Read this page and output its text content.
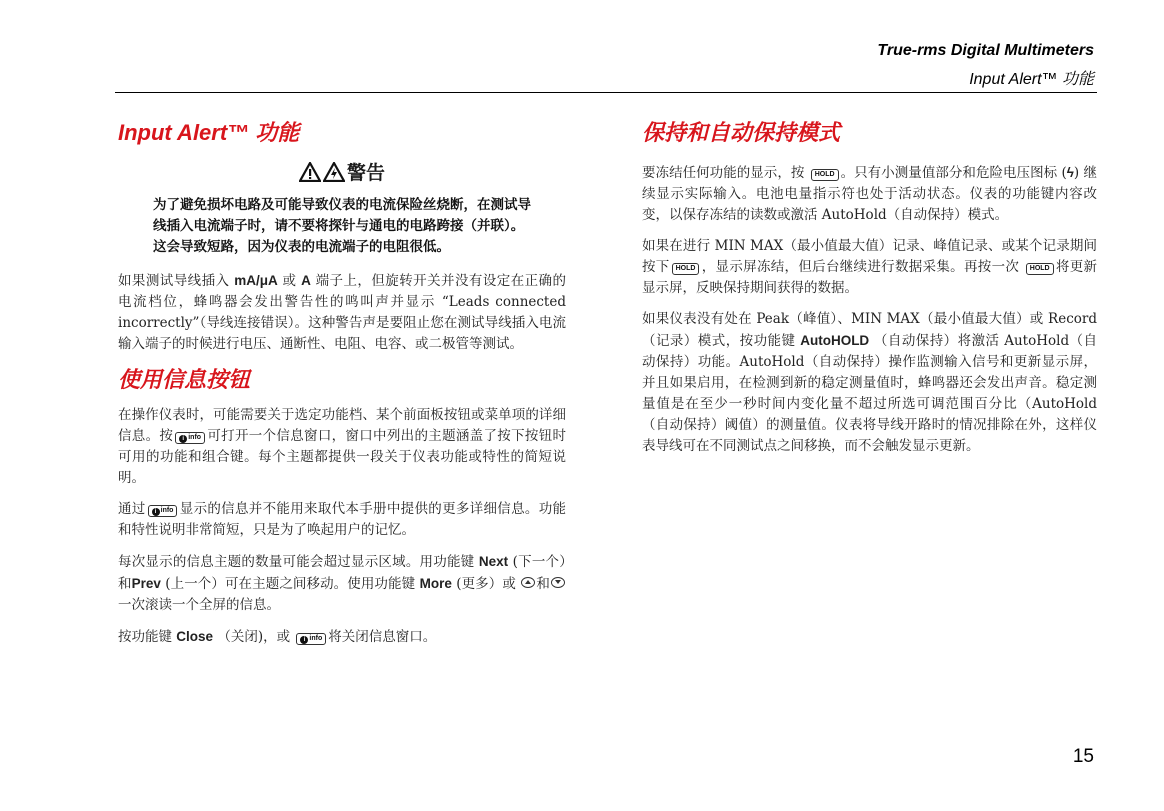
True-rms Digital Multimeters
Input Alert™ 功能
Input Alert™ 功能
警告
为了避免损坏电路及可能导致仪表的电流保险丝烧断，在测试导线插入电流端子时，请不要将探针与通电的电路跨接（并联）。这会导致短路，因为仪表的电流端子的电阻很低。

如果测试导线插入 mA/μA 或 A 端子上，但旋转开关并没有设定在正确的电流档位，蜂鸣器会发出警告性的鸣叫声并显示 “Leads connected incorrectly”（导线连接错误）。这种警告声是要阻止您在测试导线插入电流输入端子的时候进行电压、通断性、电阻、电容、或二极管等测试。

使用信息按钮

在操作仪表时，可能需要关于选定功能档、某个前面板按钮或菜单项的详细信息。按 i info 可打开一个信息窗口，窗口中列出的主题涵盖了按下按钮时可用的功能和组合键。每个主题都提供一段关于仪表功能或特性的简短说明。

通过 i info 显示的信息并不能用来取代本手册中提供的更多详细信息。功能和特性说明非常简短，只是为了唤起用户的记忆。

每次显示的信息主题的数量可能会超过显示区域。用功能键 Next (下一个）和Prev (上一个）可在主题之间移动。使用功能键 More (更多）或 和一次滚读一个全屏的信息。

按功能键 Close （关闭)，或 i info 将关闭信息窗口。

保持和自动保持模式

要冻结任何功能的显示，按 HOLD 。只有小测量值部分和危险电压图标 (ϟ) 继续显示实际输入。电池电量指示符也处于活动状态。仪表的功能键内容改变，以保存冻结的读数或激活 AutoHold（自动保持）模式。

如果在进行 MIN MAX（最小值最大值）记录、峰值记录、或某个记录期间按下 HOLD ，显示屏冻结，但后台继续进行数据采集。再按一次 HOLD 将更新显示屏，反映保持期间获得的数据。

如果仪表没有处在 Peak（峰值）、MIN MAX（最小值最大值）或 Record（记录）模式，按功能键 AutoHOLD （自动保持）将激活 AutoHold（自动保持）功能。AutoHold（自动保持）操作监测输入信号和更新显示屏，并且如果启用，在检测到新的稳定测量值时，蜂鸣器还会发出声音。稳定测量值是在至少一秒时间内变化量不超过所选可调范围百分比（AutoHold（自动保持）阈值）的测量值。仪表将导线开路时的情况排除在外，这样仪表导线可在不同测试点之间移换，而不会触发显示更新。

15
